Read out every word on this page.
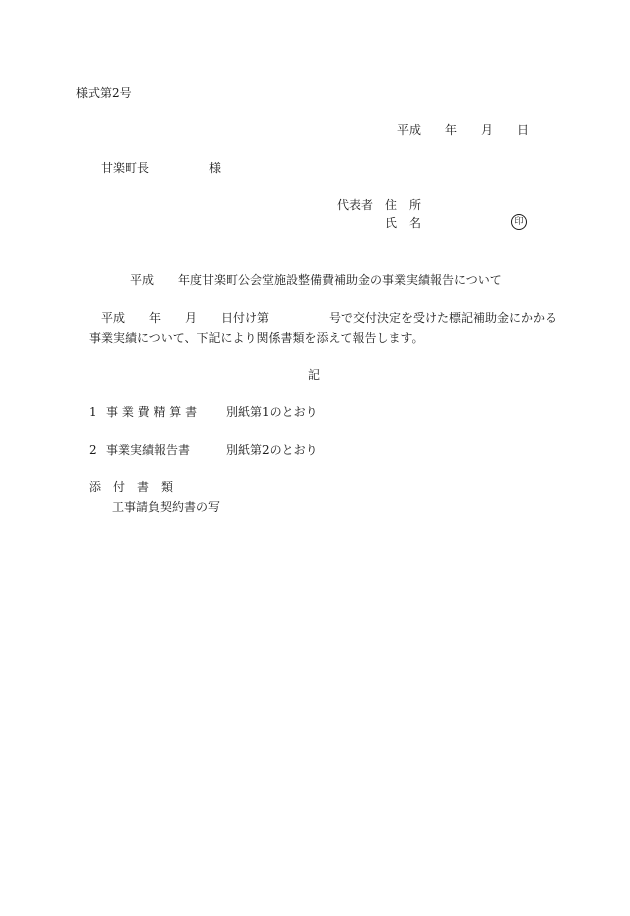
様式第2号
平成　　年　　月　　日
甘楽町長　　　　　様
代表者　住　所
氏　名	印
平成　　年度甘楽町公会堂施設整備費補助金の事業実績報告について
平成　　年　　月　　日付け第　　　　　号で交付決定を受けた標記補助金にかかる
事業実績について、下記により関係書類を添えて報告します。
記
1 事 業 費 精 算 書 別紙第1のとおり
2 事業実績報告書	別紙第2のとおり
添　付　書　類
工事請負契約書の写
